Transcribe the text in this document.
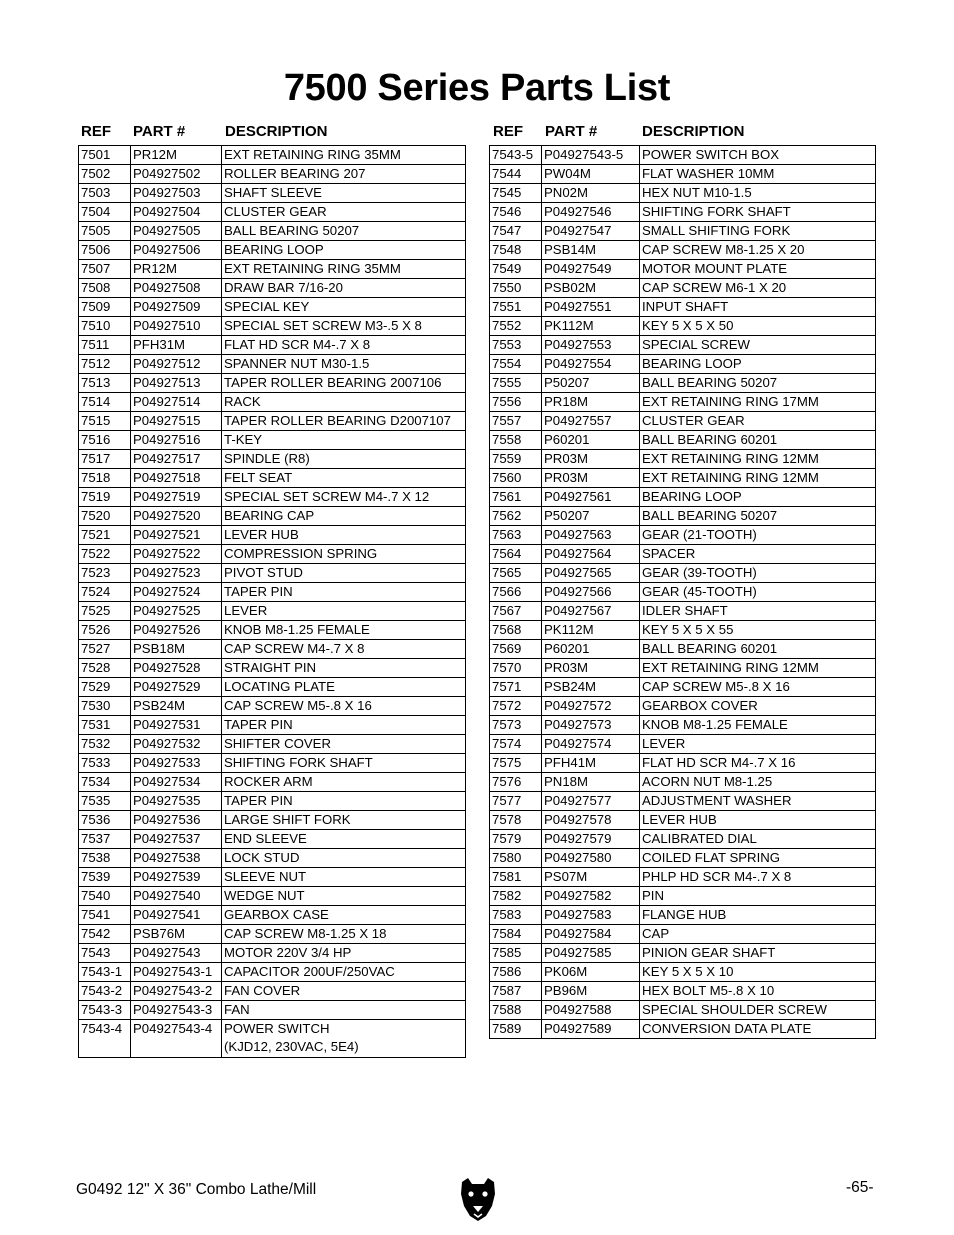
7500 Series Parts List
REF PART #	DESCRIPTION	REF PART #	DESCRIPTION
7501	PR12M	EXT RETAINING RING 35MM
7502	P04927502	ROLLER BEARING 207
7503	P04927503	SHAFT SLEEVE
7504	P04927504	CLUSTER GEAR
7505	P04927505	BALL BEARING 50207
7506	P04927506	BEARING LOOP
7507	PR12M	EXT RETAINING RING 35MM
7508	P04927508	DRAW BAR 7/16-20
7509	P04927509	SPECIAL KEY
7510	P04927510	SPECIAL SET SCREW M3-.5 X 8
7511	PFH31M	FLAT HD SCR M4-.7 X 8
7512	P04927512	SPANNER NUT M30-1.5
7513	P04927513	TAPER ROLLER BEARING 2007106
7514	P04927514	RACK
7515	P04927515	TAPER ROLLER BEARING D2007107
7516	P04927516	T-KEY
7517	P04927517	SPINDLE (R8)
7518	P04927518	FELT SEAT
7519	P04927519	SPECIAL SET SCREW M4-.7 X 12
7520	P04927520	BEARING CAP
7521	P04927521	LEVER HUB
7522	P04927522	COMPRESSION SPRING
7523	P04927523	PIVOT STUD
7524	P04927524	TAPER PIN
7525	P04927525	LEVER
7526	P04927526	KNOB M8-1.25 FEMALE
7527	PSB18M	CAP SCREW M4-.7 X 8
7528	P04927528	STRAIGHT PIN
7529	P04927529	LOCATING PLATE
7530	PSB24M	CAP SCREW M5-.8 X 16
7531	P04927531	TAPER PIN
7532	P04927532	SHIFTER COVER
7533	P04927533	SHIFTING FORK SHAFT
7534	P04927534	ROCKER ARM
7535	P04927535	TAPER PIN
7536	P04927536	LARGE SHIFT FORK
7537	P04927537	END SLEEVE
7538	P04927538	LOCK STUD
7539	P04927539	SLEEVE NUT
7540	P04927540	WEDGE NUT
7541	P04927541	GEARBOX CASE
7542	PSB76M	CAP SCREW M8-1.25 X 18
7543	P04927543	MOTOR 220V 3/4 HP
7543-1	P04927543-1	CAPACITOR 200UF/250VAC
7543-2	P04927543-2	FAN COVER
7543-3	P04927543-3	FAN
7543-4	P04927543-4	POWER SWITCH
(KJD12, 230VAC, 5E4)
7543-5	P04927543-5	POWER SWITCH BOX
7544	PW04M	FLAT WASHER 10MM
7545	PN02M	HEX NUT M10-1.5
7546	P04927546	SHIFTING FORK SHAFT
7547	P04927547	SMALL SHIFTING FORK
7548	PSB14M	CAP SCREW M8-1.25 X 20
7549	P04927549	MOTOR MOUNT PLATE
7550	PSB02M	CAP SCREW M6-1 X 20
7551	P04927551	INPUT SHAFT
7552	PK112M	KEY 5 X 5 X 50
7553	P04927553	SPECIAL SCREW
7554	P04927554	BEARING LOOP
7555	P50207	BALL BEARING 50207
7556	PR18M	EXT RETAINING RING 17MM
7557	P04927557	CLUSTER GEAR
7558	P60201	BALL BEARING 60201
7559	PR03M	EXT RETAINING RING 12MM
7560	PR03M	EXT RETAINING RING 12MM
7561	P04927561	BEARING LOOP
7562	P50207	BALL BEARING 50207
7563	P04927563	GEAR (21-TOOTH)
7564	P04927564	SPACER
7565	P04927565	GEAR (39-TOOTH)
7566	P04927566	GEAR (45-TOOTH)
7567	P04927567	IDLER SHAFT
7568	PK112M	KEY 5 X 5 X 55
7569	P60201	BALL BEARING 60201
7570	PR03M	EXT RETAINING RING 12MM
7571	PSB24M	CAP SCREW M5-.8 X 16
7572	P04927572	GEARBOX COVER
7573	P04927573	KNOB M8-1.25 FEMALE
7574	P04927574	LEVER
7575	PFH41M	FLAT HD SCR M4-.7 X 16
7576	PN18M	ACORN NUT M8-1.25
7577	P04927577	ADJUSTMENT WASHER
7578	P04927578	LEVER HUB
7579	P04927579	CALIBRATED DIAL
7580	P04927580	COILED FLAT SPRING
7581	PS07M	PHLP HD SCR M4-.7 X 8
7582	P04927582	PIN
7583	P04927583	FLANGE HUB
7584	P04927584	CAP
7585	P04927585	PINION GEAR SHAFT
7586	PK06M	KEY 5 X 5 X 10
7587	PB96M	HEX BOLT M5-.8 X 10
7588	P04927588	SPECIAL SHOULDER SCREW
7589	P04927589	CONVERSION DATA PLATE
G0492 12" X 36" Combo Lathe/Mill	-65-
